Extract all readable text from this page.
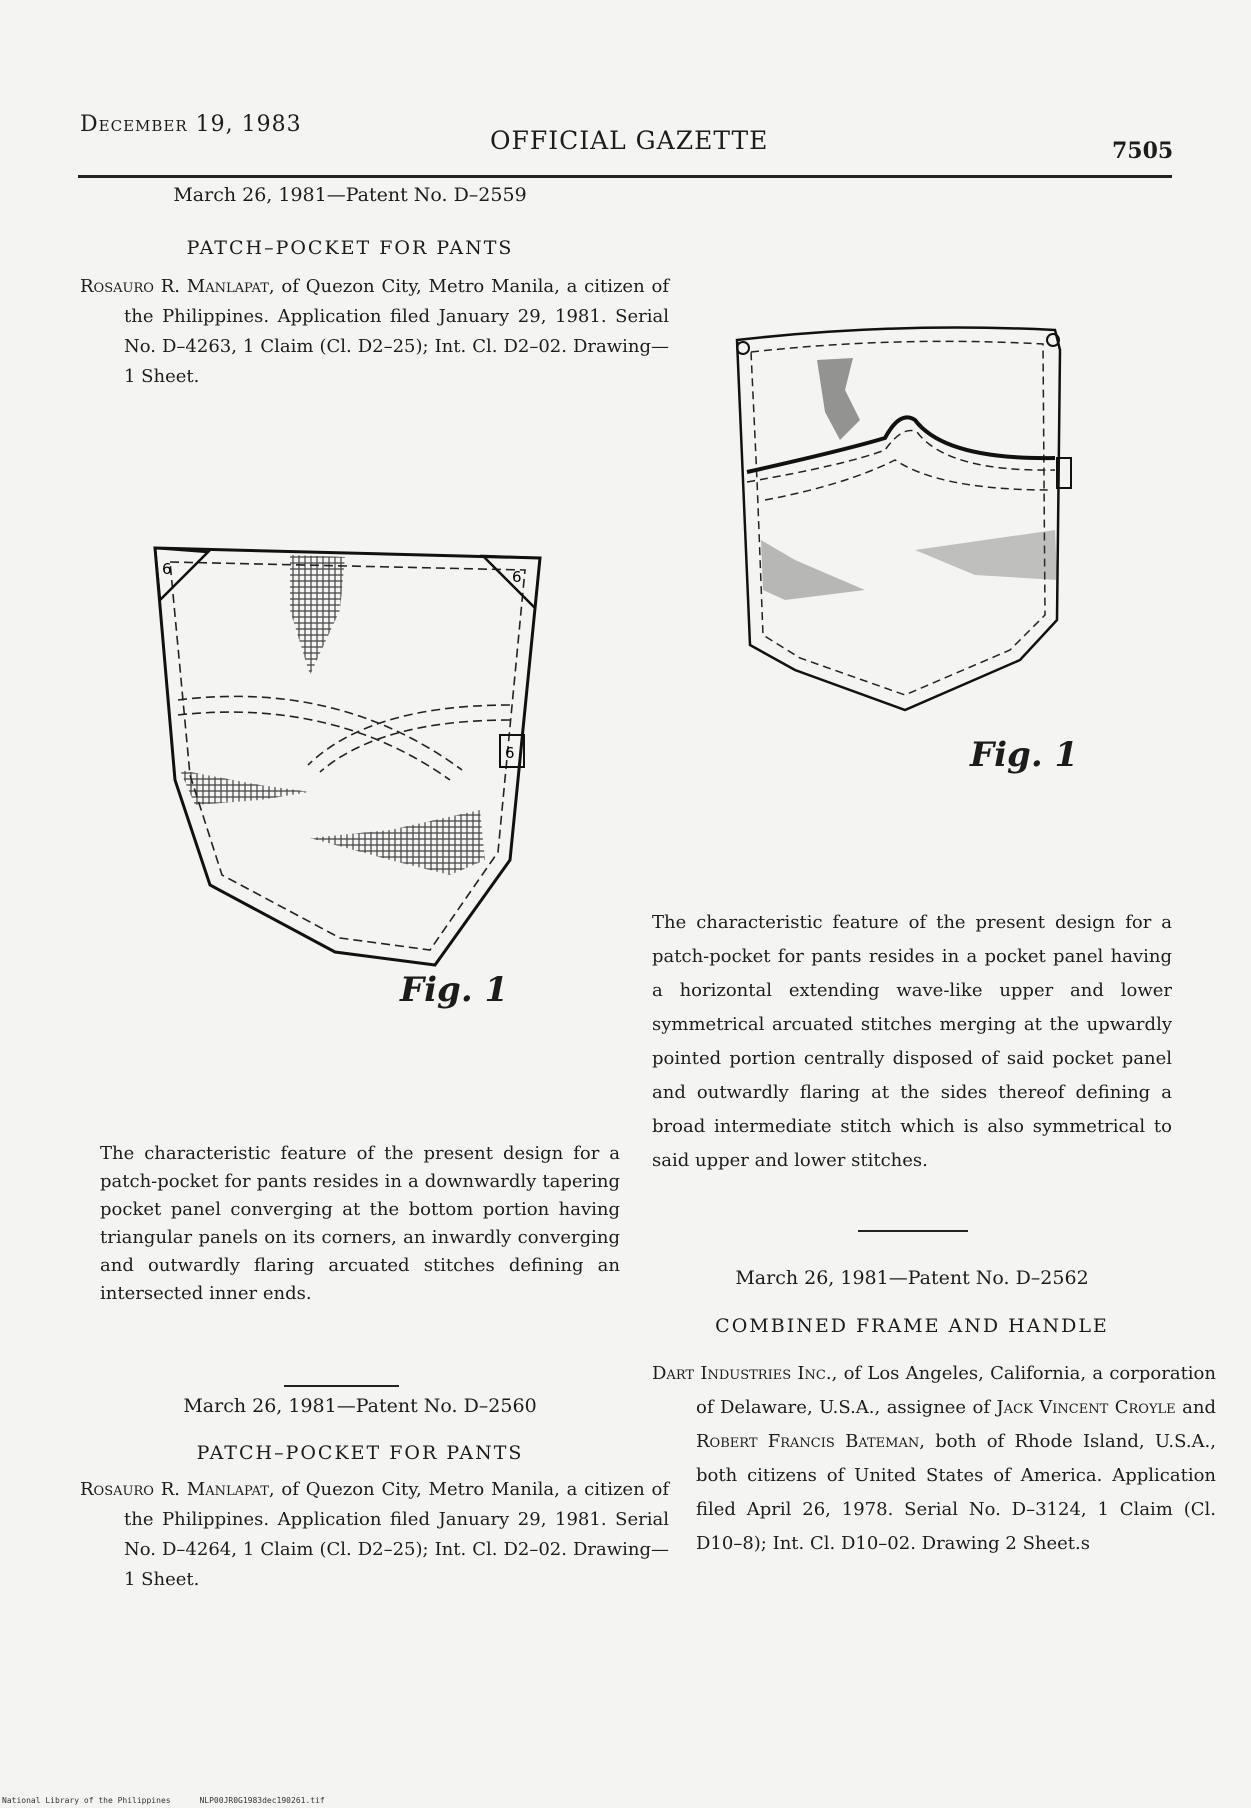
December 19, 1983
OFFICIAL GAZETTE	7505
March 26, 1981—Patent No. D–2559
PATCH–POCKET FOR PANTS
Rosauro R. Manlapat, of Quezon City, Metro Manila, a citizen of the Philippines. Application filed January 29, 1981. Serial No. D–4263, 1 Claim (Cl. D2–25); Int. Cl. D2–02. Drawing— 1 Sheet.
6	6
6
Fig. 1
Fig. 1
The characteristic feature of the present design for a patch-pocket for pants resides in a downwardly tapering pocket panel converging at the bottom portion having triangular panels on its corners, an inwardly converging and outwardly flaring arcuated stitches defining an intersected inner ends.
March 26, 1981—Patent No. D–2560
PATCH–POCKET FOR PANTS
Rosauro R. Manlapat, of Quezon City, Metro Manila, a citizen of the Philippines. Application filed January 29, 1981. Serial No. D–4264, 1 Claim (Cl. D2–25); Int. Cl. D2–02. Drawing— 1 Sheet.
The characteristic feature of the present design for a patch-pocket for pants resides in a pocket panel having a horizontal extending wave-like upper and lower symmetrical arcuated stitches merging at the upwardly pointed portion centrally disposed of said pocket panel and outwardly flaring at the sides thereof defining a broad intermediate stitch which is also symmetrical to said upper and lower stitches.
March 26, 1981—Patent No. D–2562
COMBINED FRAME AND HANDLE
Dart Industries Inc., of Los Angeles, California, a corporation of Delaware, U.S.A., assignee of Jack Vincent Croyle and Robert Francis Bateman, both of Rhode Island, U.S.A., both citizens of United States of America. Application filed April 26, 1978. Serial No. D–3124, 1 Claim (Cl. D10–8); Int. Cl. D10–02. Drawing 2 Sheet.s
National Library of the Philippines	NLP00JR0G1983dec190261.tif
